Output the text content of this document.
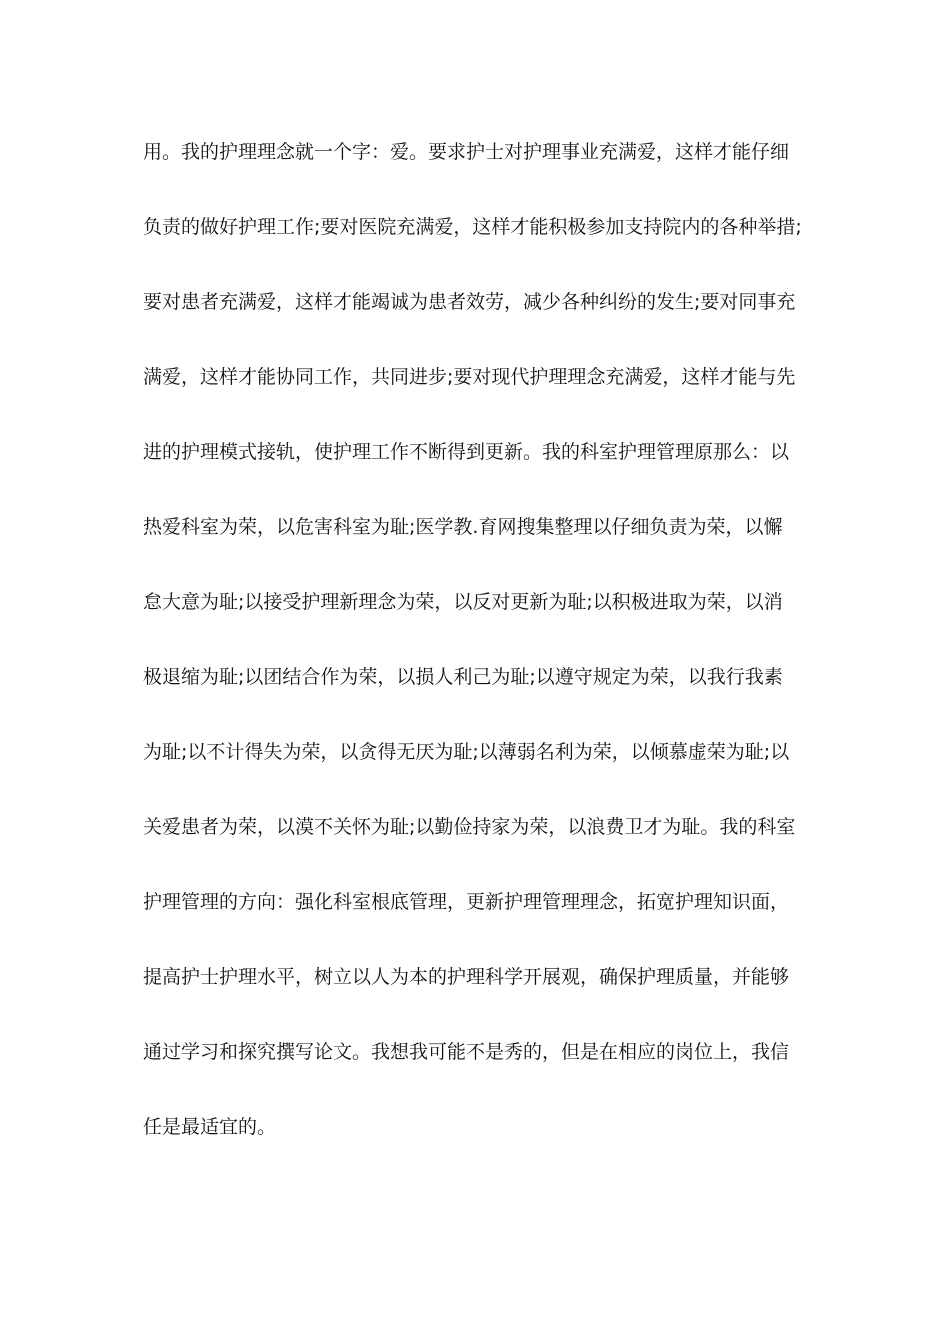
用。我的护理理念就一个字：爱。要求护士对护理事业充满爱，这样才能仔细
负责的做好护理工作;要对医院充满爱，这样才能积极参加支持院内的各种举措;
要对患者充满爱，这样才能竭诚为患者效劳，减少各种纠纷的发生;要对同事充
满爱，这样才能协同工作，共同进步;要对现代护理理念充满爱，这样才能与先
进的护理模式接轨，使护理工作不断得到更新。我的科室护理管理原那么：以
热爱科室为荣，以危害科室为耻;医学教.育网搜集整理以仔细负责为荣，以懈
怠大意为耻;以接受护理新理念为荣，以反对更新为耻;以积极进取为荣，以消
极退缩为耻;以团结合作为荣，以损人利己为耻;以遵守规定为荣，以我行我素
为耻;以不计得失为荣，以贪得无厌为耻;以薄弱名利为荣，以倾慕虚荣为耻;以
关爱患者为荣，以漠不关怀为耻;以勤俭持家为荣，以浪费卫才为耻。我的科室
护理管理的方向：强化科室根底管理，更新护理管理理念，拓宽护理知识面，
提高护士护理水平，树立以人为本的护理科学开展观，确保护理质量，并能够
通过学习和探究撰写论文。我想我可能不是秀的，但是在相应的岗位上，我信
任是最适宜的。
